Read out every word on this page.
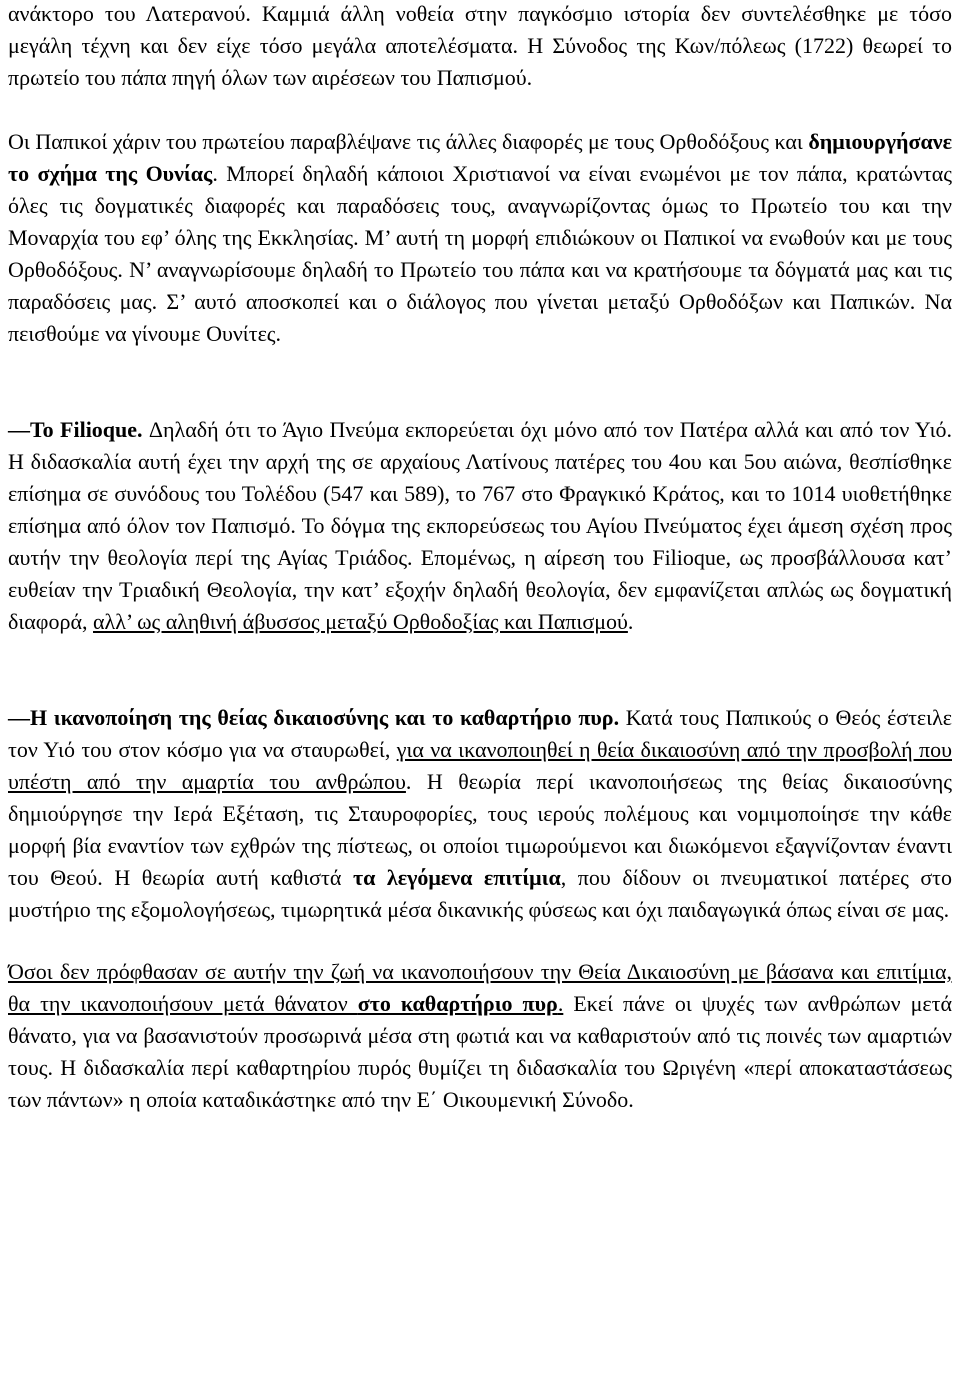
ανάκτορο του Λατερανού. Καμμιά άλλη νοθεία στην παγκόσμιο ιστορία δεν συντελέσθηκε με τόσο μεγάλη τέχνη και δεν είχε τόσο μεγάλα αποτελέσματα. Η Σύνοδος της Κων/πόλεως (1722) θεωρεί το πρωτείο του πάπα πηγή όλων των αιρέσεων του Παπισμού.

Οι Παπικοί χάριν του πρωτείου παραβλέψανε τις άλλες διαφορές με τους Ορθοδόξους και δημιουργήσανε το σχήμα της Ουνίας. Μπορεί δηλαδή κάποιοι Χριστιανοί να είναι ενωμένοι με τον πάπα, κρατώντας όλες τις δογματικές διαφορές και παραδόσεις τους, αναγνωρίζοντας όμως το Πρωτείο του και την Μοναρχία του εφ’ όλης της Εκκλησίας. Μ’ αυτή τη μορφή επιδιώκουν οι Παπικοί να ενωθούν και με τους Ορθοδόξους. Ν’ αναγνωρίσουμε δηλαδή το Πρωτείο του πάπα και να κρατήσουμε τα δόγματά μας και τις παραδόσεις μας. Σ’ αυτό αποσκοπεί και ο διάλογος που γίνεται μεταξύ Ορθοδόξων και Παπικών. Να πεισθούμε να γίνουμε Ουνίτες.

—Το Filioque. Δηλαδή ότι το Άγιο Πνεύμα εκπορεύεται όχι μόνο από τον Πατέρα αλλά και από τον Υιό. Η διδασκαλία αυτή έχει την αρχή της σε αρχαίους Λατίνους πατέρες του 4ου και 5ου αιώνα, θεσπίσθηκε επίσημα σε συνόδους του Τολέδου (547 και 589), το 767 στο Φραγκικό Κράτος, και το 1014 υιοθετήθηκε επίσημα από όλον τον Παπισμό. Το δόγμα της εκπορεύσεως του Αγίου Πνεύματος έχει άμεση σχέση προς αυτήν την θεολογία περί της Αγίας Τριάδος. Επομένως, η αίρεση του Filioque, ως προσβάλλουσα κατ’ ευθείαν την Τριαδική Θεολογία, την κατ’ εξοχήν δηλαδή θεολογία, δεν εμφανίζεται απλώς ως δογματική διαφορά, αλλ’ ως αληθινή άβυσσος μεταξύ Ορθοδοξίας και Παπισμού.

—Η ικανοποίηση της θείας δικαιοσύνης και το καθαρτήριο πυρ. Κατά τους Παπικούς ο Θεός έστειλε τον Υιό του στον κόσμο για να σταυρωθεί, για να ικανοποιηθεί η θεία δικαιοσύνη από την προσβολή που υπέστη από την αμαρτία του ανθρώπου. Η θεωρία περί ικανοποιήσεως της θείας δικαιοσύνης δημιούργησε την Ιερά Εξέταση, τις Σταυροφορίες, τους ιερούς πολέμους και νομιμοποίησε την κάθε μορφή βία εναντίον των εχθρών της πίστεως, οι οποίοι τιμωρούμενοι και διωκόμενοι εξαγνίζονταν έναντι του Θεού. Η θεωρία αυτή καθιστά τα λεγόμενα επιτίμια, που δίδουν οι πνευματικοί πατέρες στο μυστήριο της εξομολογήσεως, τιμωρητικά μέσα δικανικής φύσεως και όχι παιδαγωγικά όπως είναι σε μας.

Όσοι δεν πρόφθασαν σε αυτήν την ζωή να ικανοποιήσουν την Θεία Δικαιοσύνη με βάσανα και επιτίμια, θα την ικανοποιήσουν μετά θάνατον στο καθαρτήριο πυρ. Εκεί πάνε οι ψυχές των ανθρώπων μετά θάνατο, για να βασανιστούν προσωρινά μέσα στη φωτιά και να καθαριστούν από τις ποινές των αμαρτιών τους. Η διδασκαλία περί καθαρτηρίου πυρός θυμίζει τη διδασκαλία του Ωριγένη «περί αποκαταστάσεως των πάντων» η οποία καταδικάστηκε από την Ε΄ Οικουμενική Σύνοδο.
